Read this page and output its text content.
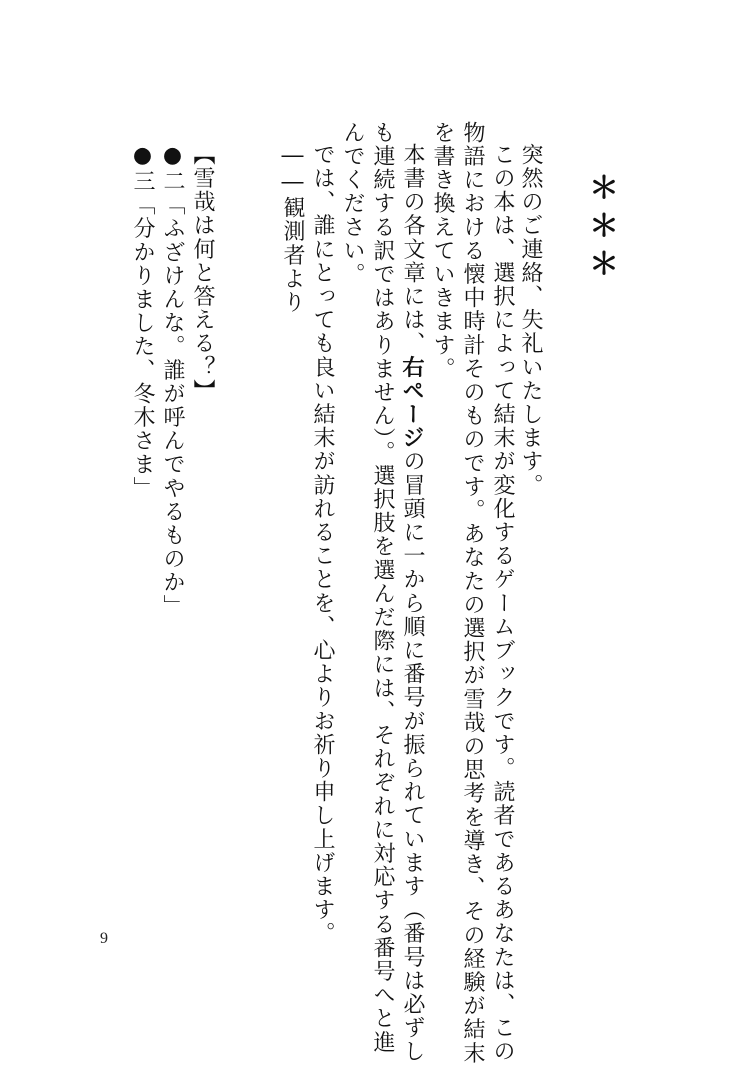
＊＊＊
突然のご連絡、失礼いたします。
この本は、選択によって結末が変化するゲームブックです。読者であるあなたは、この
物語における懐中時計そのものです。あなたの選択が雪哉の思考を導き、その経験が結末
を書き換えていきます。
本書の各文章には、右ページの冒頭に一から順に番号が振られています（番号は必ずし
も連続する訳ではありません）。選択肢を選んだ際には、それぞれに対応する番号へと進
んでください。
では、誰にとっても良い結末が訪れることを、心よりお祈り申し上げます。
――観測者より
【雪哉は何と答える？】
●二「ふざけんな。誰が呼んでやるものか」
●三「分かりました、冬木さま」
9
